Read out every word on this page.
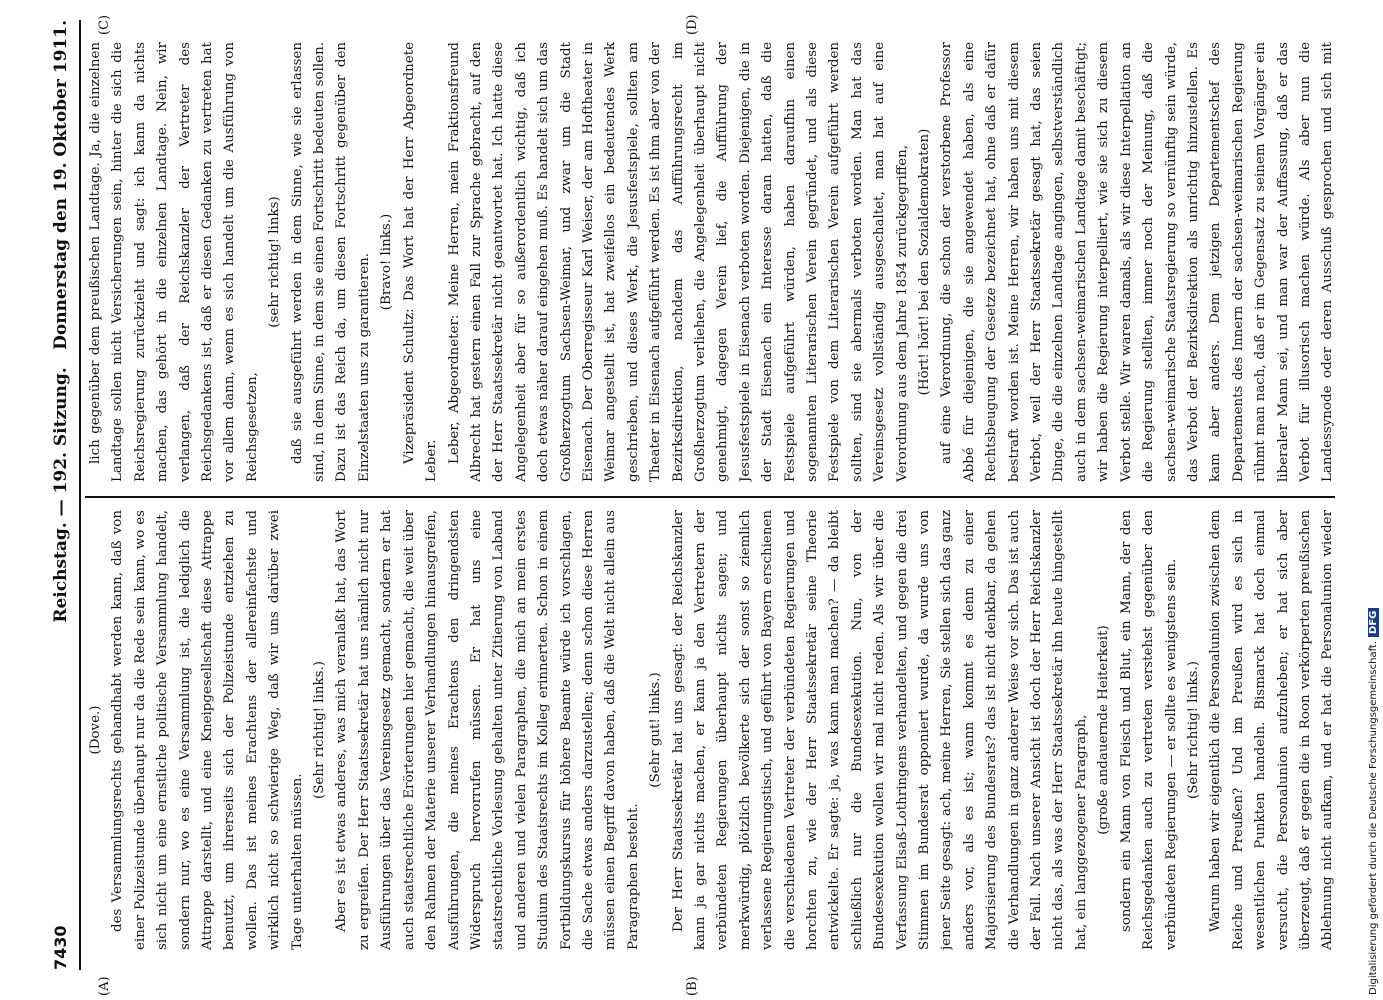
7430
Reichstag. — 192. Sitzung.
Donnerstag den 19. Oktober 1911.
(A)	(B)
(C)	(D)

(Dove.) des Versammlungsrechts gehandhabt werden kann, daß von einer Polizeistunde überhaupt nur da die Rede sein kann, wo es sich nicht um eine ernstliche politische Versammlung handelt, sondern nur, wo es eine Versammlung ist, die lediglich die Attrappe darstellt, und eine Kneipgesellschaft diese Attrappe benutzt, um ihrerseits sich der Polizeistunde entziehen zu wollen. Das ist meines Erachtens der allereinfachste und wirklich nicht so schwierige Weg, daß wir uns darüber zwei Tage unterhalten müssen.

(Sehr richtig! links.) Aber es ist etwas anderes, was mich veranlaßt hat, das Wort zu ergreifen. Der Herr Staatssekretär hat uns nämlich nicht nur Ausführungen über das Vereinsgesetz gemacht, sondern er hat auch staatsrechtliche Erörterungen hier gemacht, die weit über den Rahmen der Materie unserer Verhandlungen hinausgreifen, Ausführungen, die meines Erachtens den dringendsten Widerspruch hervorrufen müssen. Er hat uns eine staatsrechtliche Vorlesung gehalten unter Zitierung von Laband und anderen und vielen Paragraphen, die mich an mein erstes Studium des Staatsrechts im Kolleg erinnerten. Schon in einem Fortbildungskursus für höhere Beamte würde ich vorschlagen, die Sache etwas anders darzustellen; denn schon diese Herren müssen einen Begriff davon haben, daß die Welt nicht allein aus Paragraphen besteht.

(Sehr gut! links.) Der Herr Staatssekretär hat uns gesagt: der Reichskanzler kann ja gar nichts machen, er kann ja den Vertretern der verbündeten Regierungen überhaupt nichts sagen; und merkwürdig, plötzlich bevölkerte sich der sonst so ziemlich verlassene Regierungstisch, und geführt von Bayern erschienen die verschiedenen Vertreter der verbündeten Regierungen und horchten zu, wie der Herr Staatssekretär seine Theorie entwickelte. Er sagte: ja, was kann man machen? — da bleibt schließlich nur die Bundesexekution. Nun, von der Bundesexekution wollen wir mal nicht reden. Als wir über die Verfassung Elsaß-Lothringens verhandelten, und gegen die drei Stimmen im Bundesrat opponiert wurde, da wurde uns von jener Seite gesagt: ach, meine Herren, Sie stellen sich das ganz anders vor, als es ist; wann kommt es denn zu einer Majorisierung des Bundesrats? das ist nicht denkbar, da gehen die Verhandlungen in ganz anderer Weise vor sich. Das ist auch der Fall. Nach unserer Ansicht ist doch der Herr Reichskanzler nicht das, als was der Herr Staatssekretär ihn heute hingestellt hat, ein langgezogener Paragraph, (große andauernde Heiterkeit) sondern ein Mann von Fleisch und Blut, ein Mann, der den Reichsgedanken auch zu vertreten verstehst gegenüber den verbündeten Regierungen — er sollte es wenigstens sein. (Sehr richtig! links.)

Warum haben wir eigentlich die Personalunion zwischen dem Reiche und Preußen? Und im Preußen wird es sich in wesentlichen Punkten handeln. Bismarck hat doch einmal versucht, die Personalunion aufzuheben; er hat sich aber überzeugt, daß er gegen die in Roon verkörperten preußischen Ablehnung nicht aufkam, und er hat die Personalunion wieder

lich gegenüber dem preußischen Landtage. Ja, die einzelnen Landtage sollen nicht Versicherungen sein, hinter die sich die Reichsregierung zurückzieht und sagt: ich kann da nichts machen, das gehört in die einzelnen Landtage. Nein, wir verlangen, daß der Reichskanzler der Vertreter des Reichsgedankens ist, daß er diesen Gedanken zu vertreten hat vor allem dann, wenn es sich handelt um die Ausführung von Reichsgesetzen,

(sehr richtig! links) daß sie ausgeführt werden in dem Sinne, wie sie erlassen sind, in dem Sinne, in dem sie einen Fortschritt bedeuten sollen. Dazu ist das Reich da, um diesen Fortschritt gegenüber den Einzelstaaten uns zu garantieren. (Bravo! links.) Vizepräsident Schultz: Das Wort hat der Herr Abgeordnete Leber. Leber, Abgeordneter: Meine Herren, mein Fraktionsfreund Albrecht hat gestern einen Fall zur Sprache gebracht, auf den der Herr Staatssekretär nicht geantwortet hat. Ich hatte diese Angelegenheit aber für so außerordentlich wichtig, daß ich doch etwas näher darauf eingehen muß. Es handelt sich um das Großherzogtum Sachsen-Weimar, und zwar um die Stadt Eisenach. Der Oberregisseur Karl Weiser, der am Hoftheater in Weimar angestellt ist, hat zweifellos ein bedeutendes Werk geschrieben, und dieses Werk, die Jesusfestspiele, sollten am Theater in Eisenach aufgeführt werden. Es ist ihm aber von der Bezirksdirektion, nachdem das Aufführungsrecht im Großherzogtum verliehen, die Angelegenheit überhaupt nicht genehmigt, dagegen Verein lief, die Aufführung der Jesusfestspiele in Eisenach verboten worden. Diejenigen, die in der Stadt Eisenach ein Interesse daran hatten, daß die Festspiele aufgeführt würden, haben daraufhin einen sogenannten Literarischen Verein gegründet, und als diese Festspiele von dem Literarischen Verein aufgeführt werden sollten, sind sie abermals verboten worden. Man hat das Vereinsgesetz vollständig ausgeschaltet, man hat auf eine Verordnung aus dem Jahre 1854 zurückgegriffen, (Hört! hört! bei den Sozialdemokraten)

auf eine Verordnung, die schon der verstorbene Professor Abbé für diejenigen, die sie angewendet haben, als eine Rechtsbeugung der Gesetze bezeichnet hat, ohne daß er dafür bestraft worden ist. Meine Herren, wir haben uns mit diesem Verbot, weil der Herr Staatssekretär gesagt hat, das seien Dinge, die die einzelnen Landtage angingen, selbstverständlich auch in dem sachsen-weimarischen Landtage damit beschäftigt; wir haben die Regierung interpelliert, wie sie sich zu diesem Verbot stelle. Wir waren damals, als wir diese Interpellation an die Regierung stellten, immer noch der Meinung, daß die sachsen-weimarische Staatsregierung so vernünftig sein würde, das Verbot der Bezirksdirektion als unrichtig hinzustellen. Es kam aber anders. Dem jetzigen Departementschef des Departements des Innern der sachsen-weimarischen Regierung rühmt man nach, daß er im Gegensatz zu seinem Vorgänger ein liberaler Mann sei, und man war der Auffassung, daß er das Verbot für illusorisch machen würde. Als aber nun die Landessynode oder deren Ausschuß gesprochen und sich mit

Digitalisierung gefördert durch die Deutsche Forschungsgemeinschaft.DFG
